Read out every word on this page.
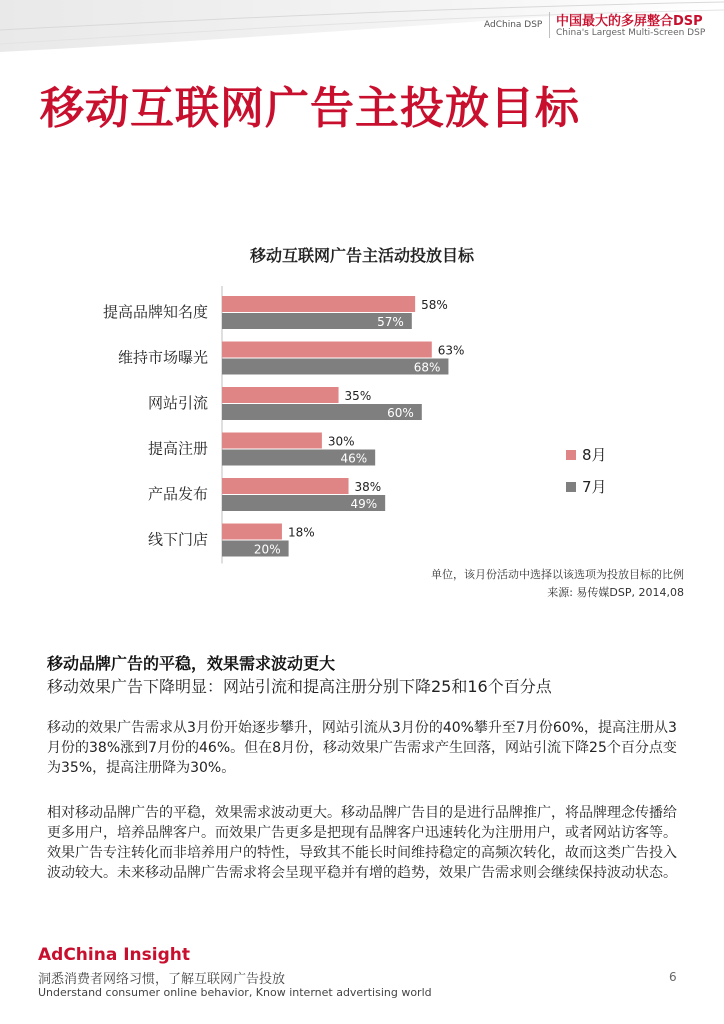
AdChina DSP 中国最大的多屏整合DSP
China's Largest Multi-Screen DSP
移动互联网广告主投放目标
移动互联网广告主活动投放目标
提高品牌知名度	58%
57%
维持市场曝光	63%
68%
网站引流	35%
60%
提高注册	30%
46%
产品发布	38%
49%
线下门店	18%
20%
8月
7月
单位，该月份活动中选择以该选项为投放目标的比例
来源: 易传媒DSP, 2014,08
移动品牌广告的平稳，效果需求波动更大
移动效果广告下降明显：网站引流和提高注册分别下降25和16个百分点

移动的效果广告需求从3月份开始逐步攀升，网站引流从3月份的40%攀升至7月份60%，提高注册从3月份的38%涨到7月份的46%。但在8月份，移动效果广告需求产生回落，网站引流下降25个百分点变为35%，提高注册降为30%。

相对移动品牌广告的平稳，效果需求波动更大。移动品牌广告目的是进行品牌推广，将品牌理念传播给更多用户，培养品牌客户。而效果广告更多是把现有品牌客户迅速转化为注册用户，或者网站访客等。效果广告专注转化而非培养用户的特性，导致其不能长时间维持稳定的高频次转化，故而这类广告投入波动较大。未来移动品牌广告需求将会呈现平稳并有增的趋势，效果广告需求则会继续保持波动状态。

AdChina Insight
洞悉消费者网络习惯，了解互联网广告投放
Understand consumer online behavior, Know internet advertising world
6
